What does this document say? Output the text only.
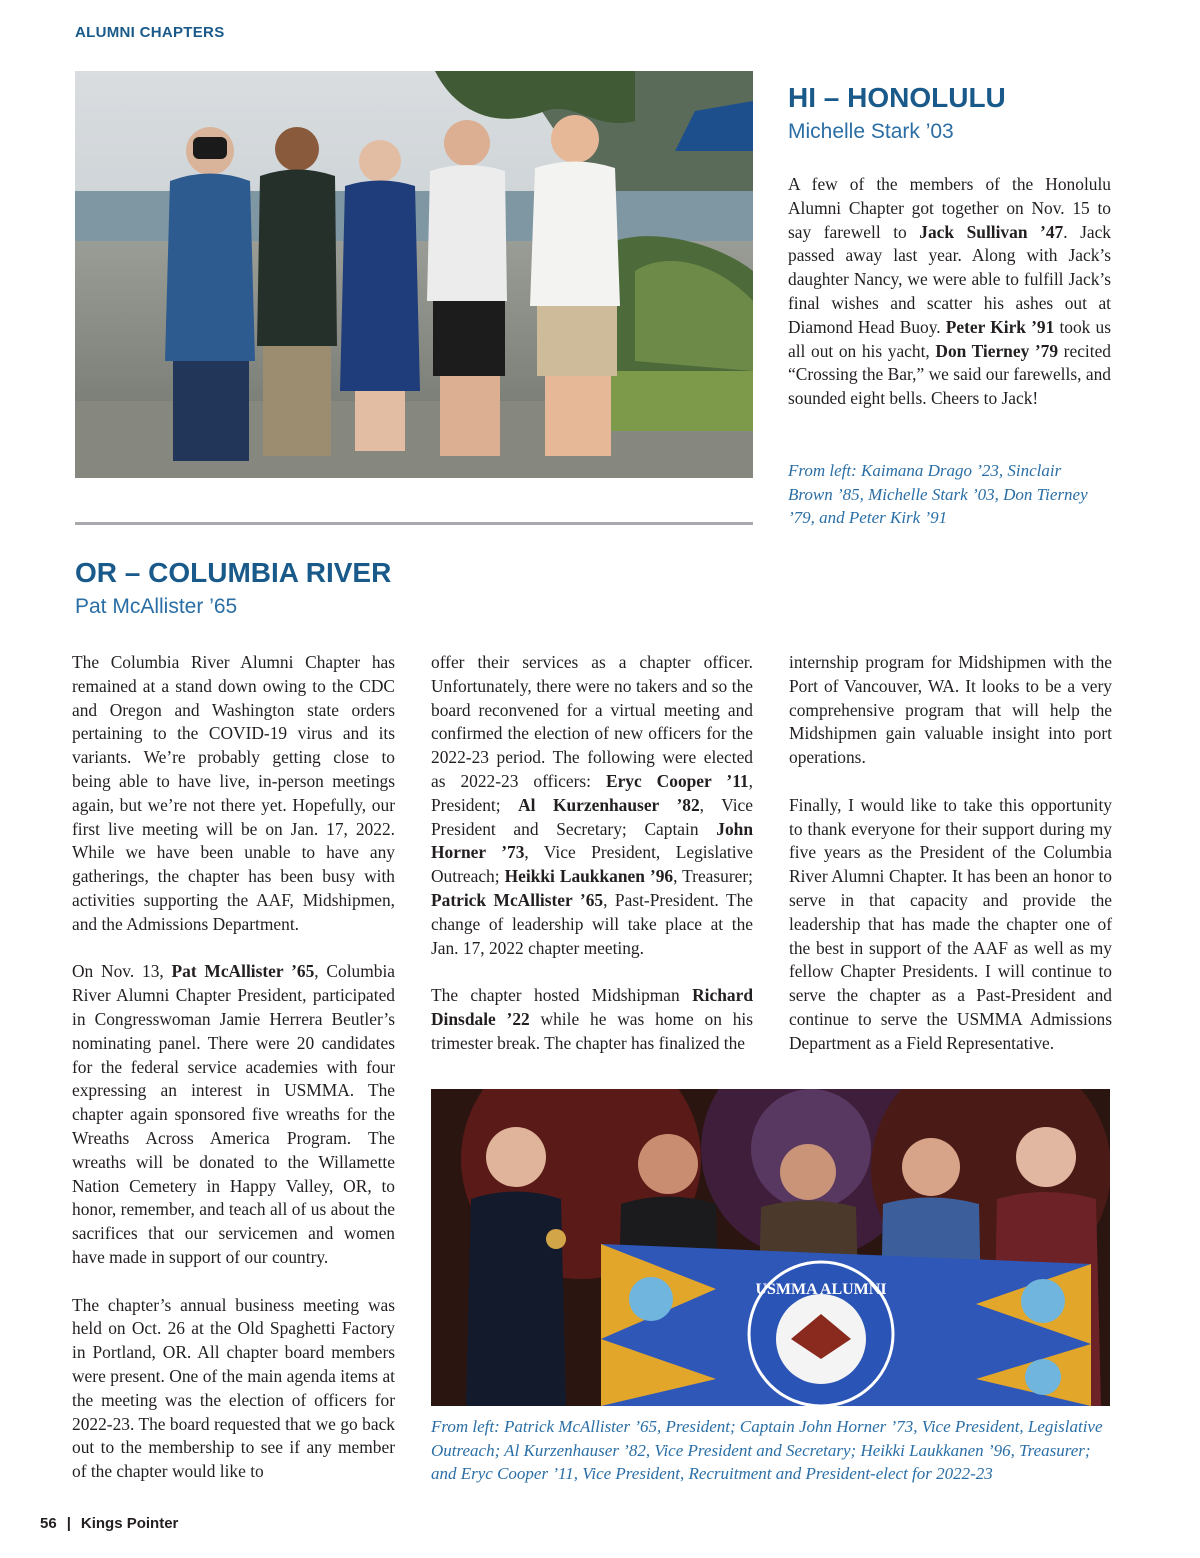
ALUMNI CHAPTERS
HI – HONOLULU
Michelle Stark ’03

A few of the members of the Honolulu Alumni Chapter got together on Nov. 15 to say farewell to Jack Sullivan ’47. Jack passed away last year. Along with Jack’s daughter Nancy, we were able to fulfill Jack’s final wishes and scatter his ashes out at Diamond Head Buoy. Peter Kirk ’91 took us all out on his yacht, Don Tierney ’79 recited “Crossing the Bar,” we said our farewells, and sounded eight bells. Cheers to Jack!

From left: Kaimana Drago ’23, Sinclair Brown ’85, Michelle Stark ’03, Don Tierney ’79, and Peter Kirk ’91
OR – COLUMBIA RIVER
Pat McAllister ’65

The Columbia River Alumni Chapter has remained at a stand down owing to the CDC and Oregon and Washington state orders pertaining to the COVID-19 virus and its variants. We’re probably getting close to being able to have live, in-person meetings again, but we’re not there yet. Hopefully, our first live meeting will be on Jan. 17, 2022. While we have been unable to have any gatherings, the chapter has been busy with activities supporting the AAF, Midshipmen, and the Admissions Department.

On Nov. 13, Pat McAllister ’65, Columbia River Alumni Chapter President, participated in Congresswoman Jamie Herrera Beutler’s nominating panel. There were 20 candidates for the federal service academies with four expressing an interest in USMMA. The chapter again sponsored five wreaths for the Wreaths Across America Program. The wreaths will be donated to the Willamette Nation Cemetery in Happy Valley, OR, to honor, remember, and teach all of us about the sacrifices that our servicemen and women have made in support of our country.

The chapter’s annual business meeting was held on Oct. 26 at the Old Spaghetti Factory in Portland, OR. All chapter board members were present. One of the main agenda items at the meeting was the election of officers for 2022-23. The board requested that we go back out to the membership to see if any member of the chapter would like to

offer their services as a chapter officer. Unfortunately, there were no takers and so the board reconvened for a virtual meeting and confirmed the election of new officers for the 2022-23 period. The following were elected as 2022-23 officers: Eryc Cooper ’11, President; Al Kurzenhauser ’82, Vice President and Secretary; Captain John Horner ’73, Vice President, Legislative Outreach; Heikki Laukkanen ’96, Treasurer; Patrick McAllister ’65, Past-President. The change of leadership will take place at the Jan. 17, 2022 chapter meeting.

The chapter hosted Midshipman Richard Dinsdale ’22 while he was home on his trimester break. The chapter has finalized the

internship program for Midshipmen with the Port of Vancouver, WA. It looks to be a very comprehensive program that will help the Midshipmen gain valuable insight into port operations.

Finally, I would like to take this opportunity to thank everyone for their support during my five years as the President of the Columbia River Alumni Chapter. It has been an honor to serve in that capacity and provide the leadership that has made the chapter one of the best in support of the AAF as well as my fellow Chapter Presidents. I will continue to serve the chapter as a Past-President and continue to serve the USMMA Admissions Department as a Field Representative.

USMMA ALUMNI
From left: Patrick McAllister ’65, President; Captain John Horner ’73, Vice President, Legislative Outreach; Al Kurzenhauser ’82, Vice President and Secretary; Heikki Laukkanen ’96, Treasurer; and Eryc Cooper ’11, Vice President, Recruitment and President-elect for 2022-23
56 | Kings Pointer
